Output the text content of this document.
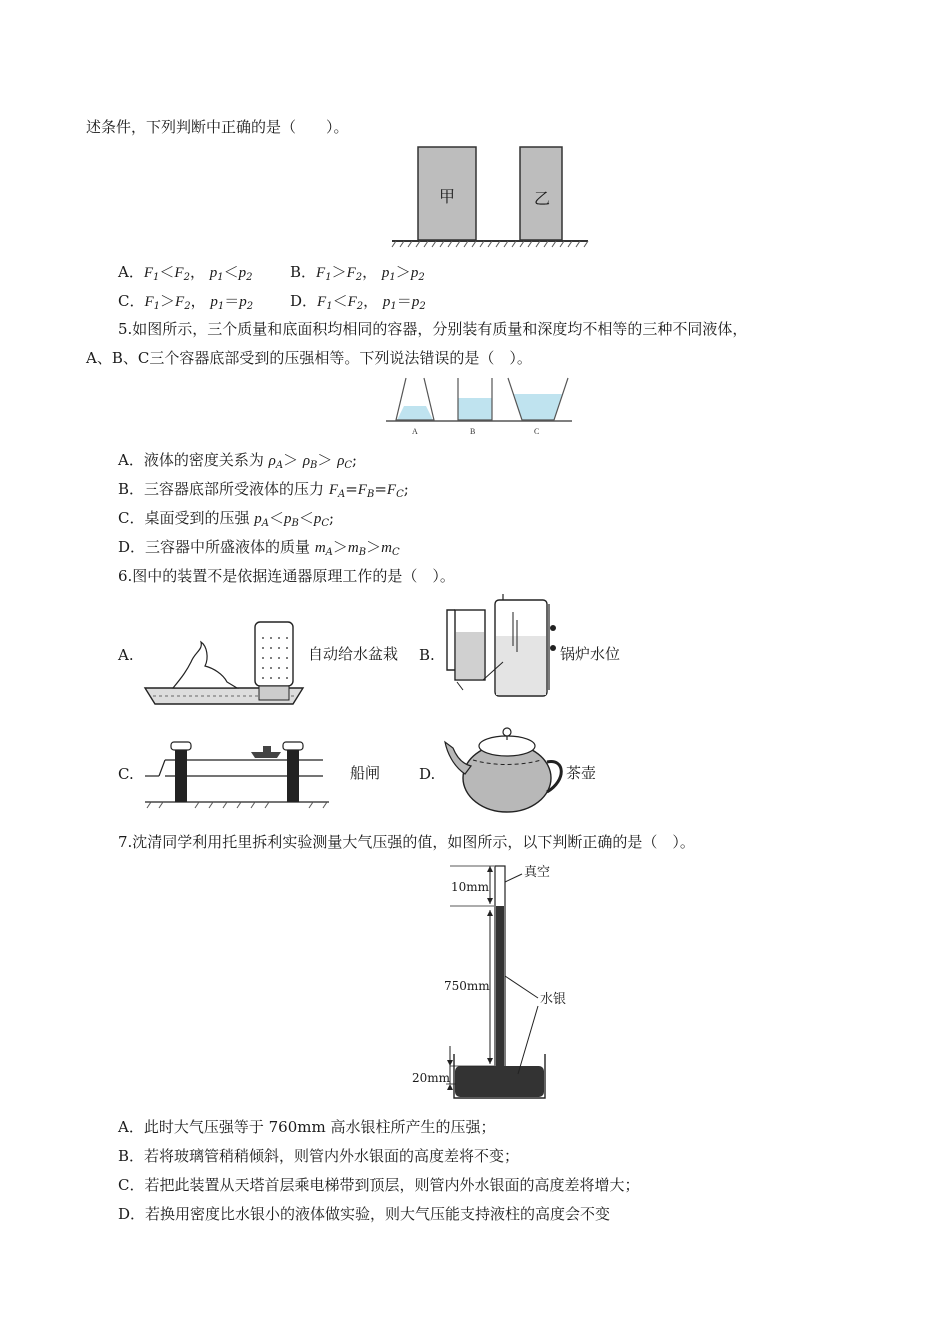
述条件，下列判断中正确的是（　　）。
甲	乙
A．$F_1<F_2$， $p_1<p_2$	B．$F_1>F_2$， $p_1>p_2$
C．$F_1>F_2$， $p_1=p_2$ D．$F_1<F_2$， $p_1=p_2$
5.如图所示，三个质量和底面积均相同的容器，分别装有质量和深度均不相等的三种不同液体，
A、B、C三个容器底部受到的压强相等。下列说法错误的是（　）。
A	B	C
A．液体的密度关系为 $\rho_A> \rho_B> \rho_C$;
B．三容器底部所受液体的压力 $F_A=F_B=F_C$;
C．桌面受到的压强 $p_A<p_B<p_C$;
D．三容器中所盛液体的质量 $m_A>m_B>m_C$
6.图中的装置不是依据连通器原理工作的是（　）。
A.	自动给水盆栽 B.	锅炉水位
C.	船闸	D.	茶壶
7.沈清同学利用托里拆利实验测量大气压强的值，如图所示，以下判断正确的是（　）。
真空
水银
10mm
750mm
20mm
A．此时大气压强等于 760mm 高水银柱所产生的压强；
B．若将玻璃管稍稍倾斜，则管内外水银面的高度差将不变；
C．若把此装置从天塔首层乘电梯带到顶层，则管内外水银面的高度差将增大；
D．若换用密度比水银小的液体做实验，则大气压能支持液柱的高度会不变
